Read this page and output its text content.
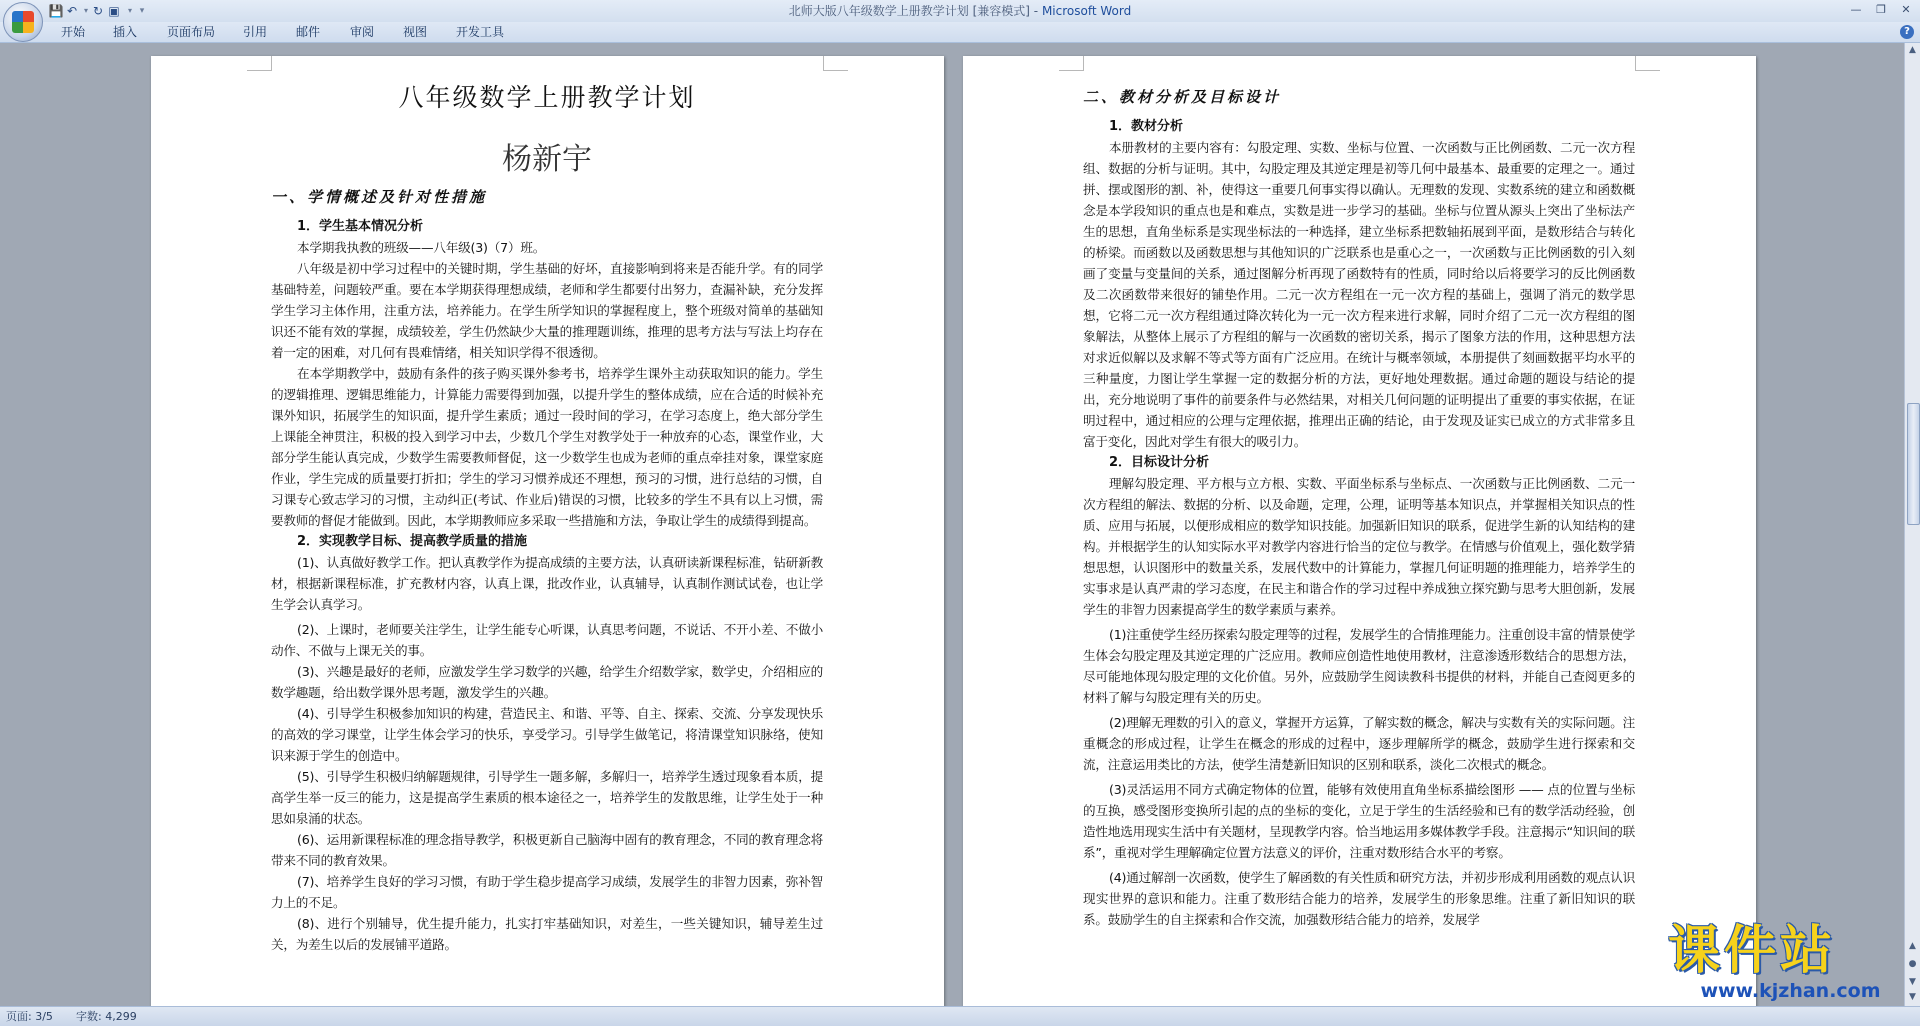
北师大版八年级数学上册教学计划 [兼容模式] - Microsoft Word
💾 ↶ ▾ ↻ ▣	▾ ▾	—	❐	✕
开始 插入 页面布局 引用 邮件 审阅 视图 开发工具	?
八年级数学上册教学计划
杨新宇
一、学情概述及针对性措施
1．学生基本情况分析

本学期我执教的班级——八年级(3)（7）班。

八年级是初中学习过程中的关键时期，学生基础的好坏，直接影响到将来是否能升学。有的同学基础特差，问题较严重。要在本学期获得理想成绩，老师和学生都要付出努力，查漏补缺，充分发挥学生学习主体作用，注重方法，培养能力。在学生所学知识的掌握程度上，整个班级对简单的基础知识还不能有效的掌握，成绩较差，学生仍然缺少大量的推理题训练，推理的思考方法与写法上均存在着一定的困难，对几何有畏难情绪，相关知识学得不很透彻。

在本学期教学中，鼓励有条件的孩子购买课外参考书，培养学生课外主动获取知识的能力。学生的逻辑推理、逻辑思维能力，计算能力需要得到加强，以提升学生的整体成绩，应在合适的时候补充课外知识，拓展学生的知识面，提升学生素质；通过一段时间的学习，在学习态度上，绝大部分学生上课能全神贯注，积极的投入到学习中去，少数几个学生对教学处于一种放弃的心态，课堂作业，大部分学生能认真完成，少数学生需要教师督促，这一少数学生也成为老师的重点牵挂对象，课堂家庭作业，学生完成的质量要打折扣；学生的学习习惯养成还不理想，预习的习惯，进行总结的习惯，自习课专心致志学习的习惯，主动纠正(考试、作业后)错误的习惯，比较多的学生不具有以上习惯，需要教师的督促才能做到。因此，本学期教师应多采取一些措施和方法，争取让学生的成绩得到提高。

2．实现教学目标、提高教学质量的措施

(1)、认真做好教学工作。把认真教学作为提高成绩的主要方法，认真研读新课程标准，钻研新教材，根据新课程标准，扩充教材内容，认真上课，批改作业，认真辅导，认真制作测试试卷，也让学生学会认真学习。

(2)、上课时，老师要关注学生，让学生能专心听课，认真思考问题，不说话、不开小差、不做小动作、不做与上课无关的事。

(3)、兴趣是最好的老师，应激发学生学习数学的兴趣，给学生介绍数学家，数学史，介绍相应的数学趣题，给出数学课外思考题，激发学生的兴趣。

(4)、引导学生积极参加知识的构建，营造民主、和谐、平等、自主、探索、交流、分享发现快乐的高效的学习课堂，让学生体会学习的快乐，享受学习。引导学生做笔记，将清课堂知识脉络，使知识来源于学生的创造中。

(5)、引导学生积极归纳解题规律，引导学生一题多解，多解归一，培养学生透过现象看本质，提高学生举一反三的能力，这是提高学生素质的根本途径之一，培养学生的发散思维，让学生处于一种思如泉涌的状态。

(6)、运用新课程标准的理念指导教学，积极更新自己脑海中固有的教育理念，不同的教育理念将带来不同的教育效果。

(7)、培养学生良好的学习习惯，有助于学生稳步提高学习成绩，发展学生的非智力因素，弥补智力上的不足。

(8)、进行个别辅导，优生提升能力，扎实打牢基础知识，对差生，一些关键知识，辅导差生过关，为差生以后的发展铺平道路。

二、教材分析及目标设计
1．教材分析

本册教材的主要内容有：勾股定理、实数、坐标与位置、一次函数与正比例函数、二元一次方程组、数据的分析与证明。其中，勾股定理及其逆定理是初等几何中最基本、最重要的定理之一。通过拼、摆或图形的割、补，使得这一重要几何事实得以确认。无理数的发现、实数系统的建立和函数概念是本学段知识的重点也是和难点，实数是进一步学习的基础。坐标与位置从源头上突出了坐标法产生的思想，直角坐标系是实现坐标法的一种选择，建立坐标系把数轴拓展到平面，是数形结合与转化的桥梁。而函数以及函数思想与其他知识的广泛联系也是重心之一，一次函数与正比例函数的引入刻画了变量与变量间的关系，通过图解分析再现了函数特有的性质，同时给以后将要学习的反比例函数及二次函数带来很好的铺垫作用。二元一次方程组在一元一次方程的基础上，强调了消元的数学思想，它将二元一次方程组通过降次转化为一元一次方程来进行求解，同时介绍了二元一次方程组的图象解法，从整体上展示了方程组的解与一次函数的密切关系，揭示了图象方法的作用，这种思想方法对求近似解以及求解不等式等方面有广泛应用。在统计与概率领域，本册提供了刻画数据平均水平的三种量度，力图让学生掌握一定的数据分析的方法，更好地处理数据。通过命题的题设与结论的提出，充分地说明了事件的前要条件与必然结果，对相关几何问题的证明提出了重要的事实依据，在证明过程中，通过相应的公理与定理依据，推理出正确的结论，由于发现及证实已成立的方式非常多且富于变化，因此对学生有很大的吸引力。

2．目标设计分析

理解勾股定理、平方根与立方根、实数、平面坐标系与坐标点、一次函数与正比例函数、二元一次方程组的解法、数据的分析、以及命题，定理，公理，证明等基本知识点，并掌握相关知识点的性质、应用与拓展，以便形成相应的数学知识技能。加强新旧知识的联系，促进学生新的认知结构的建构。并根据学生的认知实际水平对教学内容进行恰当的定位与教学。在情感与价值观上，强化数学猜想思想，认识图形中的数量关系，发展代数中的计算能力，掌握几何证明题的推理能力，培养学生的实事求是认真严肃的学习态度，在民主和谐合作的学习过程中养成独立探究勤与思考大胆创新，发展学生的非智力因素提高学生的数学素质与素养。

(1)注重使学生经历探索勾股定理等的过程，发展学生的合情推理能力。注重创设丰富的情景使学生体会勾股定理及其逆定理的广泛应用。教师应创造性地使用教材，注意渗透形数结合的思想方法，尽可能地体现勾股定理的文化价值。另外，应鼓励学生阅读教科书提供的材料，并能自己查阅更多的材料了解与勾股定理有关的历史。

(2)理解无理数的引入的意义，掌握开方运算，了解实数的概念，解决与实数有关的实际问题。注重概念的形成过程，让学生在概念的形成的过程中，逐步理解所学的概念，鼓励学生进行探索和交流，注意运用类比的方法，使学生清楚新旧知识的区别和联系，淡化二次根式的概念。

(3)灵活运用不同方式确定物体的位置，能够有效使用直角坐标系描绘图形 —— 点的位置与坐标的互换，感受图形变换所引起的点的坐标的变化，立足于学生的生活经验和已有的数学活动经验，创造性地选用现实生活中有关题材，呈现教学内容。恰当地运用多媒体教学手段。注意揭示“知识间的联系”，重视对学生理解确定位置方法意义的评价，注重对数形结合水平的考察。

(4)通过解剖一次函数，使学生了解函数的有关性质和研究方法，并初步形成利用函数的观点认识现实世界的意识和能力。注重了数形结合能力的培养，发展学生的形象思维。注重了新旧知识的联系。鼓励学生的自主探索和合作交流，加强数形结合能力的培养，发展学

▲
▲
●
▼
▼
页面: 3/5 字数: 4,299
课件站
www.kjzhan.com
